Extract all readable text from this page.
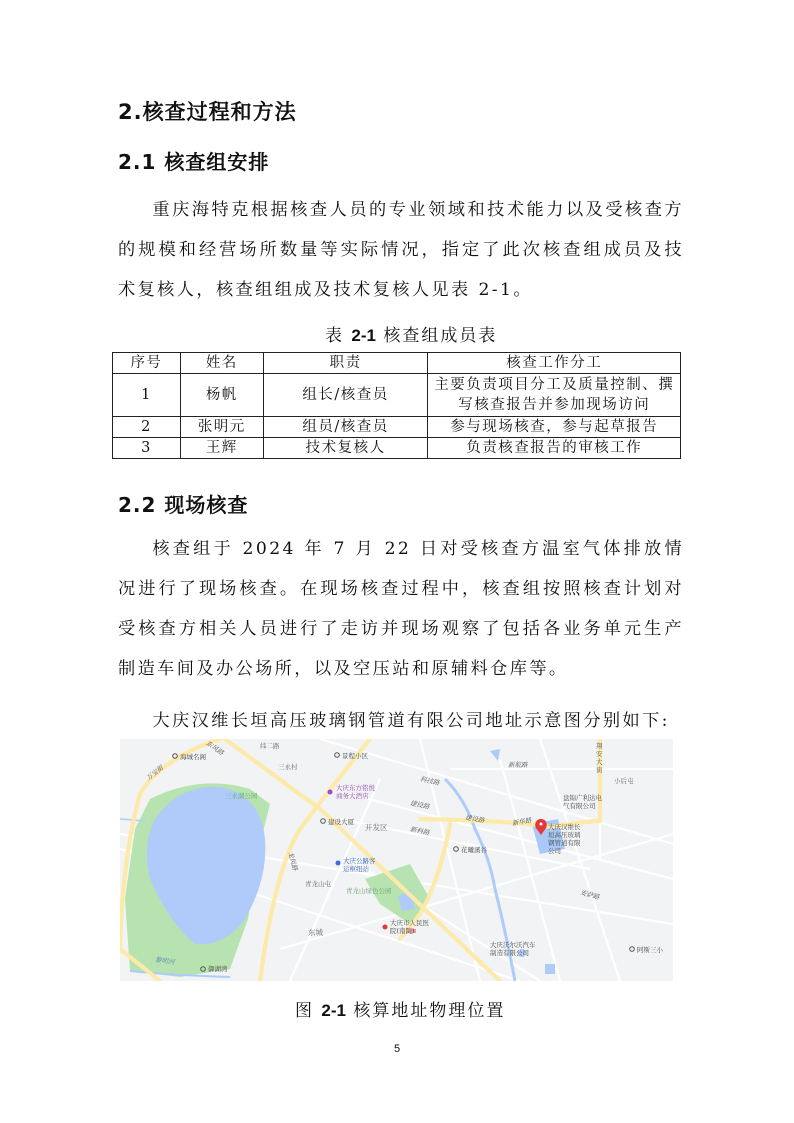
2.核查过程和方法
2.1 核查组安排

重庆海特克根据核查人员的专业领域和技术能力以及受核查方的规模和经营场所数量等实际情况，指定了此次核查组成员及技术复核人，核查组组成及技术复核人见表 2-1。

表 2-1 核查组成员表
序号	姓名	职责	核查工作分工
1	杨帆	组长/核查员	主要负责项目分工及质量控制、撰写核查报告并参加现场访问
2	张明元	组员/核查员	参与现场核查，参与起草报告
3	王辉	技术复核人	负责核查报告的审核工作
2.2 现场核查

核查组于 2024 年 7 月 22 日对受核查方温室气体排放情况进行了现场核查。在现场核查过程中，核查组按照核查计划对受核查方相关人员进行了走访并现场观察了包括各业务单元生产制造车间及办公场所，以及空压站和原辅料仓库等。

大庆汉维长垣高压玻璃钢管道有限公司地址示意图分别如下:

纬二路
东风路
万宝街
海城名阁
三永村
三永湖公园
景程小区
大庆东方铭悦商务大酒店
建设大厦
开发区
龙凤路	大庆公路客运枢纽站
青龙山屯
青龙山绿色公园
东城
大庆市人民医院(南院)
黎明河
御湖湾
科技路
建设路
建设路
新科路
新航路
新华路
花曦溪谷
大庆汉维长垣高压玻璃钢管道有限公司
翔安大街
小后屯
盘锦广利达电气有限公司
安萨路
大庆沃尔沃汽车制造有限公司	阿斯三小
图 2-1 核算地址物理位置
5
